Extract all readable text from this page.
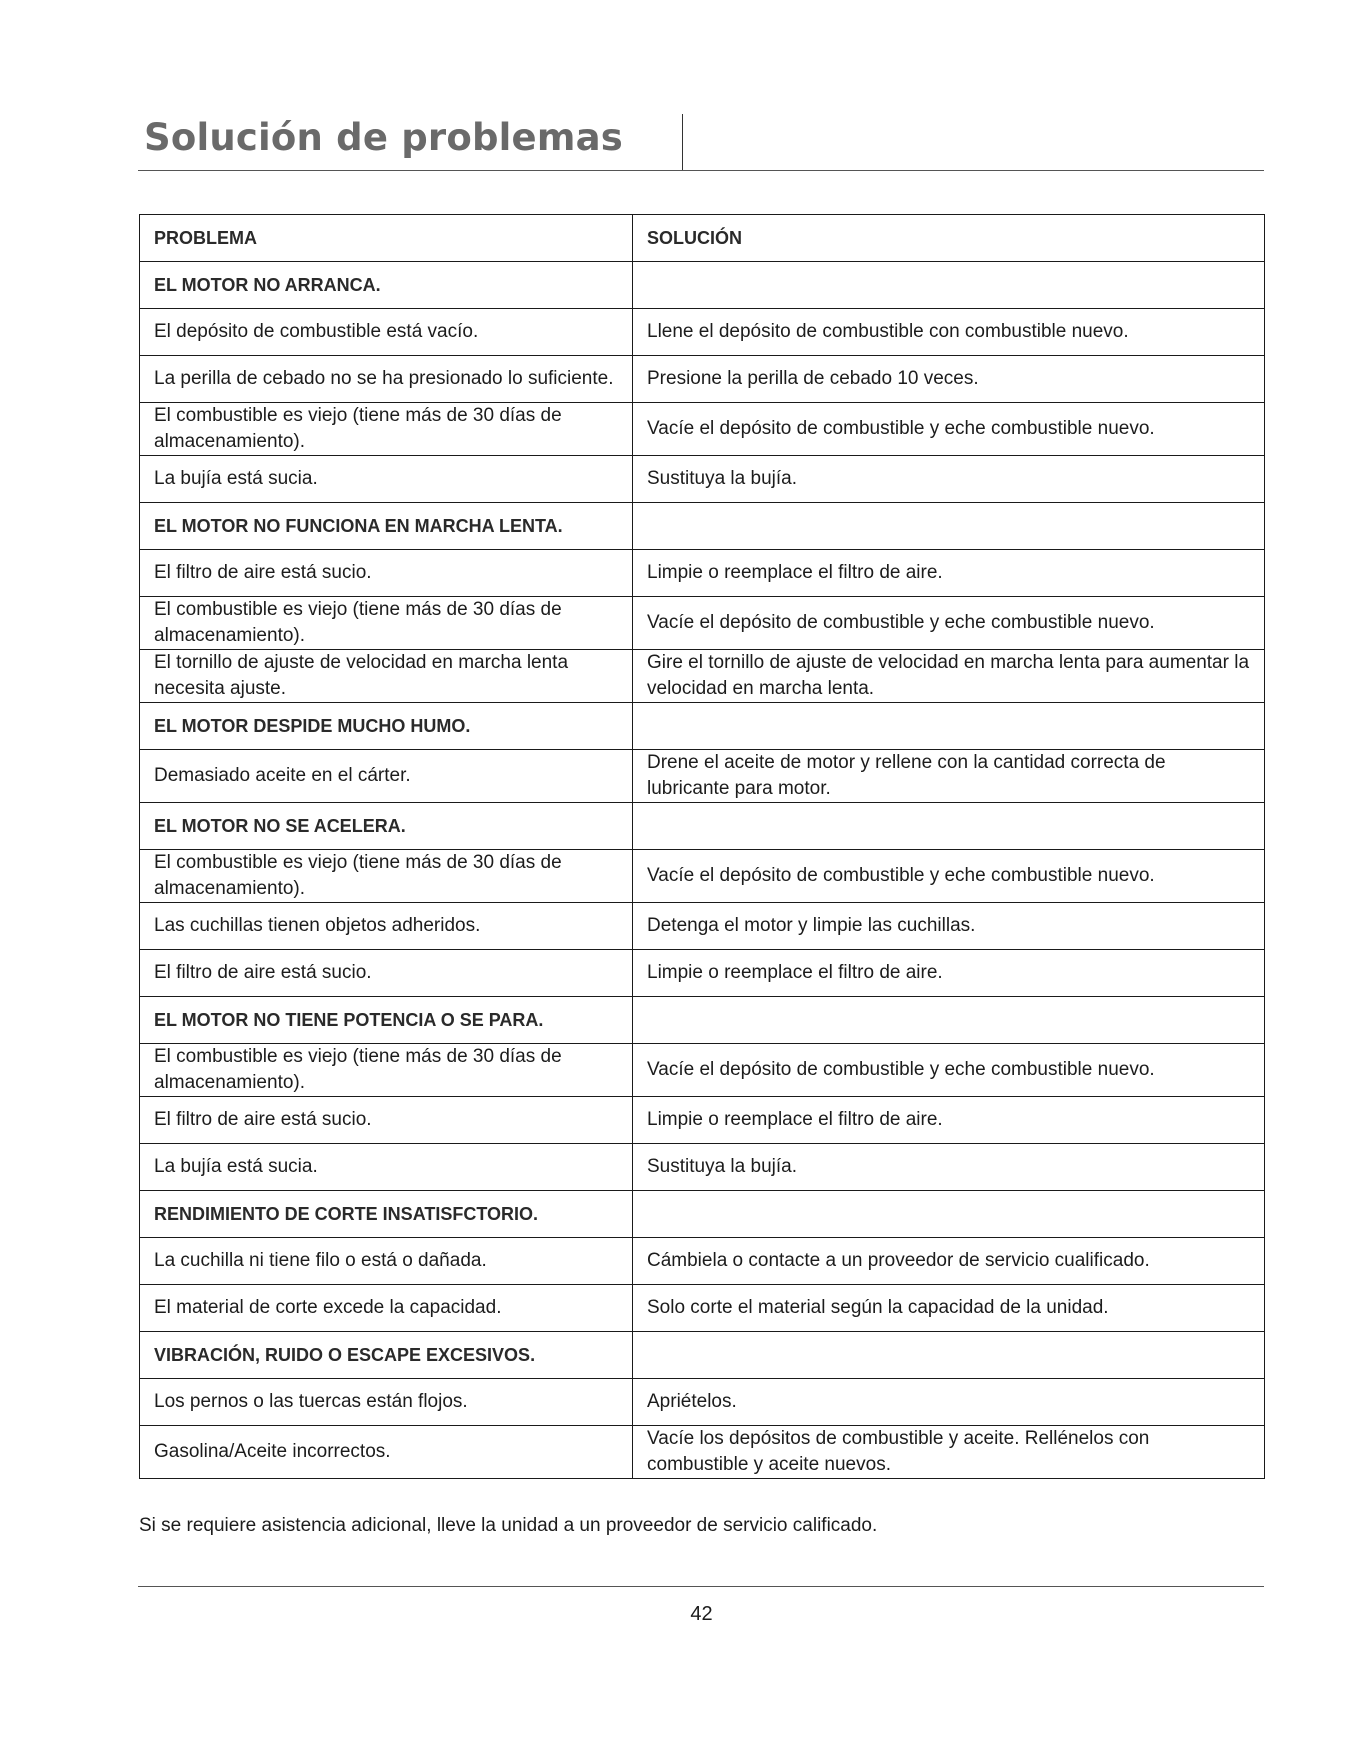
Solución de problemas
PROBLEMA	SOLUCIÓN
EL MOTOR NO ARRANCA.	
El depósito de combustible está vacío.	Llene el depósito de combustible con combustible nuevo.
La perilla de cebado no se ha presionado lo suficiente.	Presione la perilla de cebado 10 veces.
El combustible es viejo (tiene más de 30 días de almacenamiento).	Vacíe el depósito de combustible y eche combustible nuevo.
La bujía está sucia.	Sustituya la bujía.
EL MOTOR NO FUNCIONA EN MARCHA LENTA.	
El filtro de aire está sucio.	Limpie o reemplace el filtro de aire.
El combustible es viejo (tiene más de 30 días de almacenamiento).	Vacíe el depósito de combustible y eche combustible nuevo.
El tornillo de ajuste de velocidad en marcha lenta necesita ajuste.	Gire el tornillo de ajuste de velocidad en marcha lenta para aumentar la velocidad en marcha lenta.
EL MOTOR DESPIDE MUCHO HUMO.	
Demasiado aceite en el cárter.	Drene el aceite de motor y rellene con la cantidad correcta de lubricante para motor.
EL MOTOR NO SE ACELERA.	
El combustible es viejo (tiene más de 30 días de almacenamiento).	Vacíe el depósito de combustible y eche combustible nuevo.
Las cuchillas tienen objetos adheridos.	Detenga el motor y limpie las cuchillas.
El filtro de aire está sucio.	Limpie o reemplace el filtro de aire.
EL MOTOR NO TIENE POTENCIA O SE PARA.	
El combustible es viejo (tiene más de 30 días de almacenamiento).	Vacíe el depósito de combustible y eche combustible nuevo.
El filtro de aire está sucio.	Limpie o reemplace el filtro de aire.
La bujía está sucia.	Sustituya la bujía.
RENDIMIENTO DE CORTE INSATISFCTORIO.	
La cuchilla ni tiene filo o está o dañada.	Cámbiela o contacte a un proveedor de servicio cualificado.
El material de corte excede la capacidad.	Solo corte el material según la capacidad de la unidad.
VIBRACIÓN, RUIDO O ESCAPE EXCESIVOS.	
Los pernos o las tuercas están flojos.	Apriételos.
Gasolina/Aceite incorrectos.	Vacíe los depósitos de combustible y aceite. Rellénelos con combustible y aceite nuevos.

Si se requiere asistencia adicional, lleve la unidad a un proveedor de servicio calificado.

42
